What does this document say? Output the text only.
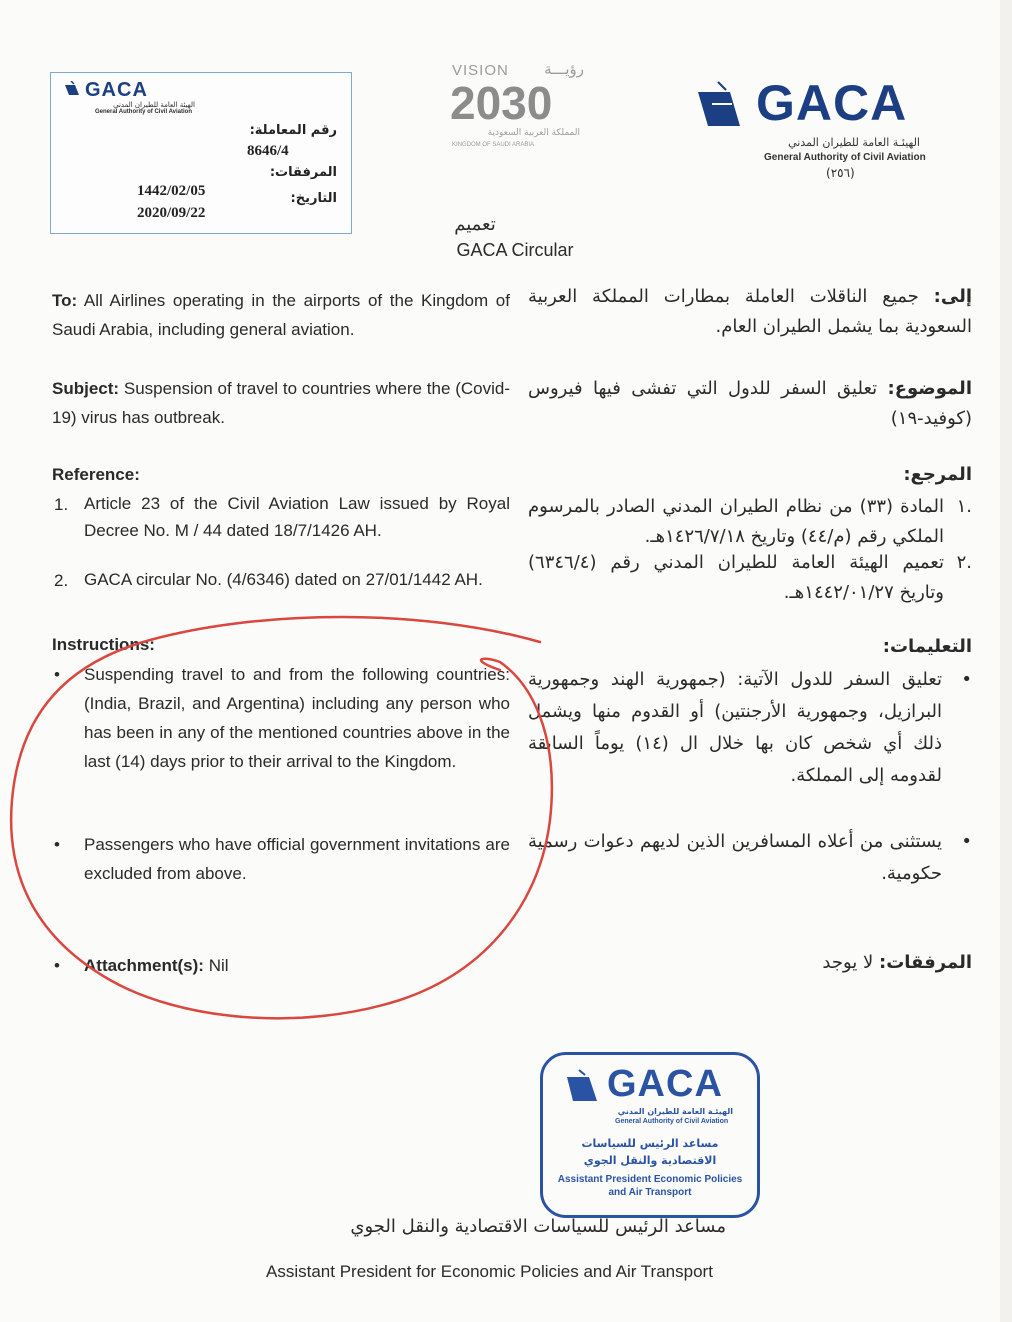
GACA
الهيئة العامة للطيران المدني
General Authority of Civil Aviation
رقم المعاملة:
8646/4
المرفقات:
1442/02/05	التاريخ:
2020/09/22
VISION	رؤيـــة
2030
المملكة العربية السعودية
KINGDOM OF SAUDI ARABIA
GACA
الهيئـة العامة للطيران المدني
General Authority of Civil Aviation
(٢٥٦)
تعميم
GACA Circular
To: All Airlines operating in the airports of the Kingdom of Saudi Arabia, including general aviation.
إلى: جميع الناقلات العاملة بمطارات المملكة العربية السعودية بما يشمل الطيران العام.
Subject: Suspension of travel to countries where the (Covid-19) virus has outbreak.
الموضوع: تعليق السفر للدول التي تفشى فيها فيروس (كوفيد-١٩)
Reference:	المرجع:
1. Article 23 of the Civil Aviation Law issued by Royal Decree No. M / 44 dated 18/7/1426 AH.
.١
المادة (٣٣) من نظام الطيران المدني الصادر بالمرسوم الملكي رقم (م/٤٤) وتاريخ ١٤٢٦/٧/١٨هـ.
2. GACA circular No. (4/6346) dated on 27/01/1442 AH.
.٢
تعميم الهيئة العامة للطيران المدني رقم (٦٣٤٦/٤) وتاريخ ١٤٤٢/٠١/٢٧هـ.
Instructions:	التعليمات:
• Suspending travel to and from the following countries: (India, Brazil, and Argentina) including any person who has been in any of the mentioned countries above in the last (14) days prior to their arrival to the Kingdom.
• تعليق السفر للدول الآتية: (جمهورية الهند وجمهورية البرازيل، وجمهورية الأرجنتين) أو القدوم منها ويشمل ذلك أي شخص كان بها خلال ال (١٤) يوماً السابقة لقدومه إلى المملكة.
• Passengers who have official government invitations are excluded from above.
• يستثنى من أعلاه المسافرين الذين لديهم دعوات رسمية حكومية.
• Attachment(s): Nil	المرفقات: لا يوجد
GACA
الهيئـة العامة للطيران المدني
General Authority of Civil Aviation
مساعد الرئيس للسياسات الاقتصادية والنقل الجوي
Assistant President Economic Policies and Air Transport
مساعد الرئيس للسياسات الاقتصادية والنقل الجوي
Assistant President for Economic Policies and Air Transport
